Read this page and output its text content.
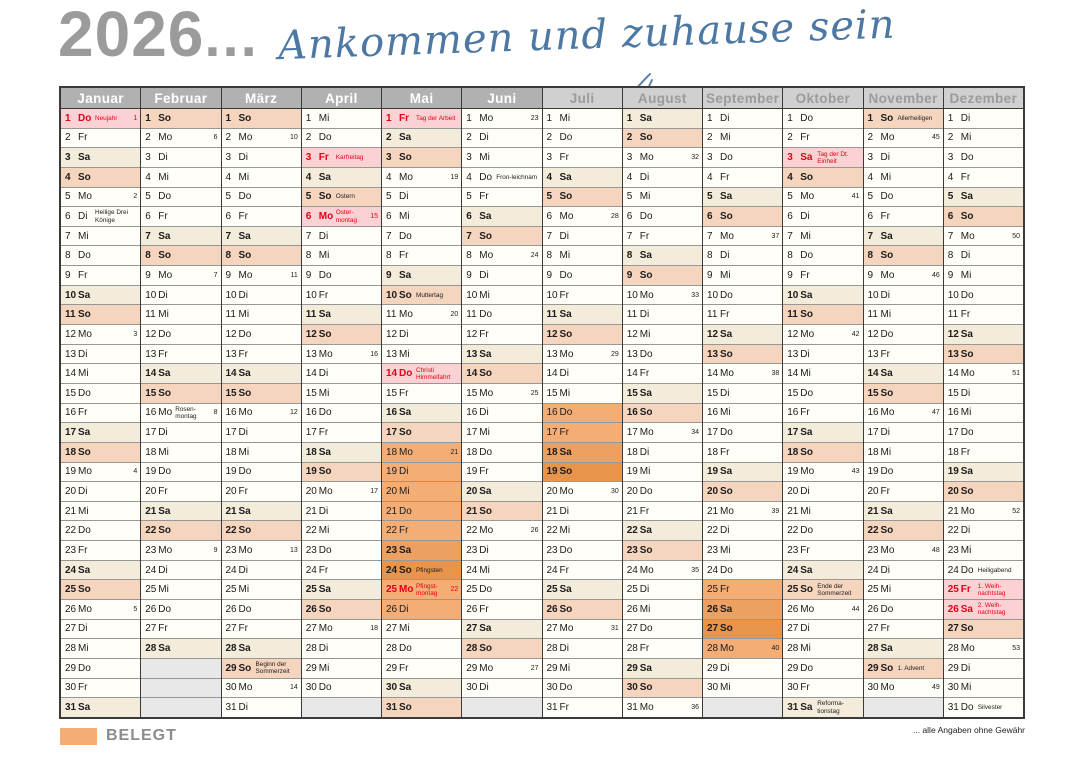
2026... Ankommen und zuhause sein
Januar
1 Do Neujahr	1
2 Fr
3 Sa
4 So
5 Mo	2
6 Di	Heilige Drei Könige
7 Mi
8 Do
9 Fr
10 Sa
11 So
12 Mo	3
13 Di
14 Mi
15 Do
16 Fr
17 Sa
18 So
19 Mo	4
20 Di
21 Mi
22 Do
23 Fr
24 Sa
25 So
26 Mo	5
27 Di
28 Mi
29 Do
30 Fr
31 Sa
Februar
1 So
2 Mo	6
3 Di
4 Mi
5 Do
6 Fr
7 Sa
8 So
9 Mo	7
10 Di
11 Mi
12 Do
13 Fr
14 Sa
15 So
16 Mo Rosen-montag	8
17 Di
18 Mi
19 Do
20 Fr
21 Sa
22 So
23 Mo	9
24 Di
25 Mi
26 Do
27 Fr
28 Sa
März
1 So
2 Mo	10
3 Di
4 Mi
5 Do
6 Fr
7 Sa
8 So
9 Mo	11
10 Di
11 Mi
12 Do
13 Fr
14 Sa
15 So
16 Mo	12
17 Di
18 Mi
19 Do
20 Fr
21 Sa
22 So
23 Mo	13
24 Di
25 Mi
26 Do
27 Fr
28 Sa
29 So Beginn der Sommerzeit
30 Mo	14
31 Di
April
1 Mi
2 Do
3 Fr	Karfreitag
4 Sa
5 So Ostern
6 Mo Oster-montag	15
7 Di
8 Mi
9 Do
10 Fr
11 Sa
12 So
13 Mo	16
14 Di
15 Mi
16 Do
17 Fr
18 Sa
19 So
20 Mo	17
21 Di
22 Mi
23 Do
24 Fr
25 Sa
26 So
27 Mo	18
28 Di
29 Mi
30 Do
Mai
1 Fr	Tag der Arbeit
2 Sa
3 So
4 Mo	19
5 Di
6 Mi
7 Do
8 Fr
9 Sa
10 So Muttertag
11 Mo	20
12 Di
13 Mi
14 Do Christi Himmelfahrt
15 Fr
16 Sa
17 So
18 Mo	21
19 Di
20 Mi
21 Do
22 Fr
23 Sa
24 So Pfingsten
25 Mo Pfingst-montag	22
26 Di
27 Mi
28 Do
29 Fr
30 Sa
31 So
Juni
1 Mo	23
2 Di
3 Mi
4 Do Fron-leichnam
5 Fr
6 Sa
7 So
8 Mo	24
9 Di
10 Mi
11 Do
12 Fr
13 Sa
14 So
15 Mo	25
16 Di
17 Mi
18 Do
19 Fr
20 Sa
21 So
22 Mo	26
23 Di
24 Mi
25 Do
26 Fr
27 Sa
28 So
29 Mo	27
30 Di
Juli
1 Mi
2 Do
3 Fr
4 Sa
5 So
6 Mo	28
7 Di
8 Mi
9 Do
10 Fr
11 Sa
12 So
13 Mo	29
14 Di
15 Mi
16 Do
17 Fr
18 Sa
19 So
20 Mo	30
21 Di
22 Mi
23 Do
24 Fr
25 Sa
26 So
27 Mo	31
28 Di
29 Mi
30 Do
31 Fr
August
1 Sa
2 So
3 Mo	32
4 Di
5 Mi
6 Do
7 Fr
8 Sa
9 So
10 Mo	33
11 Di
12 Mi
13 Do
14 Fr
15 Sa
16 So
17 Mo	34
18 Di
19 Mi
20 Do
21 Fr
22 Sa
23 So
24 Mo	35
25 Di
26 Mi
27 Do
28 Fr
29 Sa
30 So
31 Mo	36
September
1 Di
2 Mi
3 Do
4 Fr
5 Sa
6 So
7 Mo	37
8 Di
9 Mi
10 Do
11 Fr
12 Sa
13 So
14 Mo	38
15 Di
16 Mi
17 Do
18 Fr
19 Sa
20 So
21 Mo	39
22 Di
23 Mi
24 Do
25 Fr
26 Sa
27 So
28 Mo	40
29 Di
30 Mi
Oktober
1 Do
2 Fr
3 Sa Tag der Dt. Einheit
4 So
5 Mo	41
6 Di
7 Mi
8 Do
9 Fr
10 Sa
11 So
12 Mo	42
13 Di
14 Mi
15 Do
16 Fr
17 Sa
18 So
19 Mo	43
20 Di
21 Mi
22 Do
23 Fr
24 Sa
25 So Ende der Sommerzeit
26 Mo	44
27 Di
28 Mi
29 Do
30 Fr
31 Sa Reforma-tionstag
November
1 So Allerheiligen
2 Mo	45
3 Di
4 Mi
5 Do
6 Fr
7 Sa
8 So
9 Mo	46
10 Di
11 Mi
12 Do
13 Fr
14 Sa
15 So
16 Mo	47
17 Di
18 Mi
19 Do
20 Fr
21 Sa
22 So
23 Mo	48
24 Di
25 Mi
26 Do
27 Fr
28 Sa
29 So 1. Advent
30 Mo	49
Dezember
1 Di
2 Mi
3 Do
4 Fr
5 Sa
6 So
7 Mo	50
8 Di
9 Mi
10 Do
11 Fr
12 Sa
13 So
14 Mo	51
15 Di
16 Mi
17 Do
18 Fr
19 Sa
20 So
21 Mo	52
22 Di
23 Mi
24 Do Heiligabend
25 Fr	1. Weih-nachtstag
26 Sa 2. Weih-nachtstag
27 So
28 Mo	53
29 Di
30 Mi
31 Do Silvester
BELEGT	... alle Angaben ohne Gewähr
